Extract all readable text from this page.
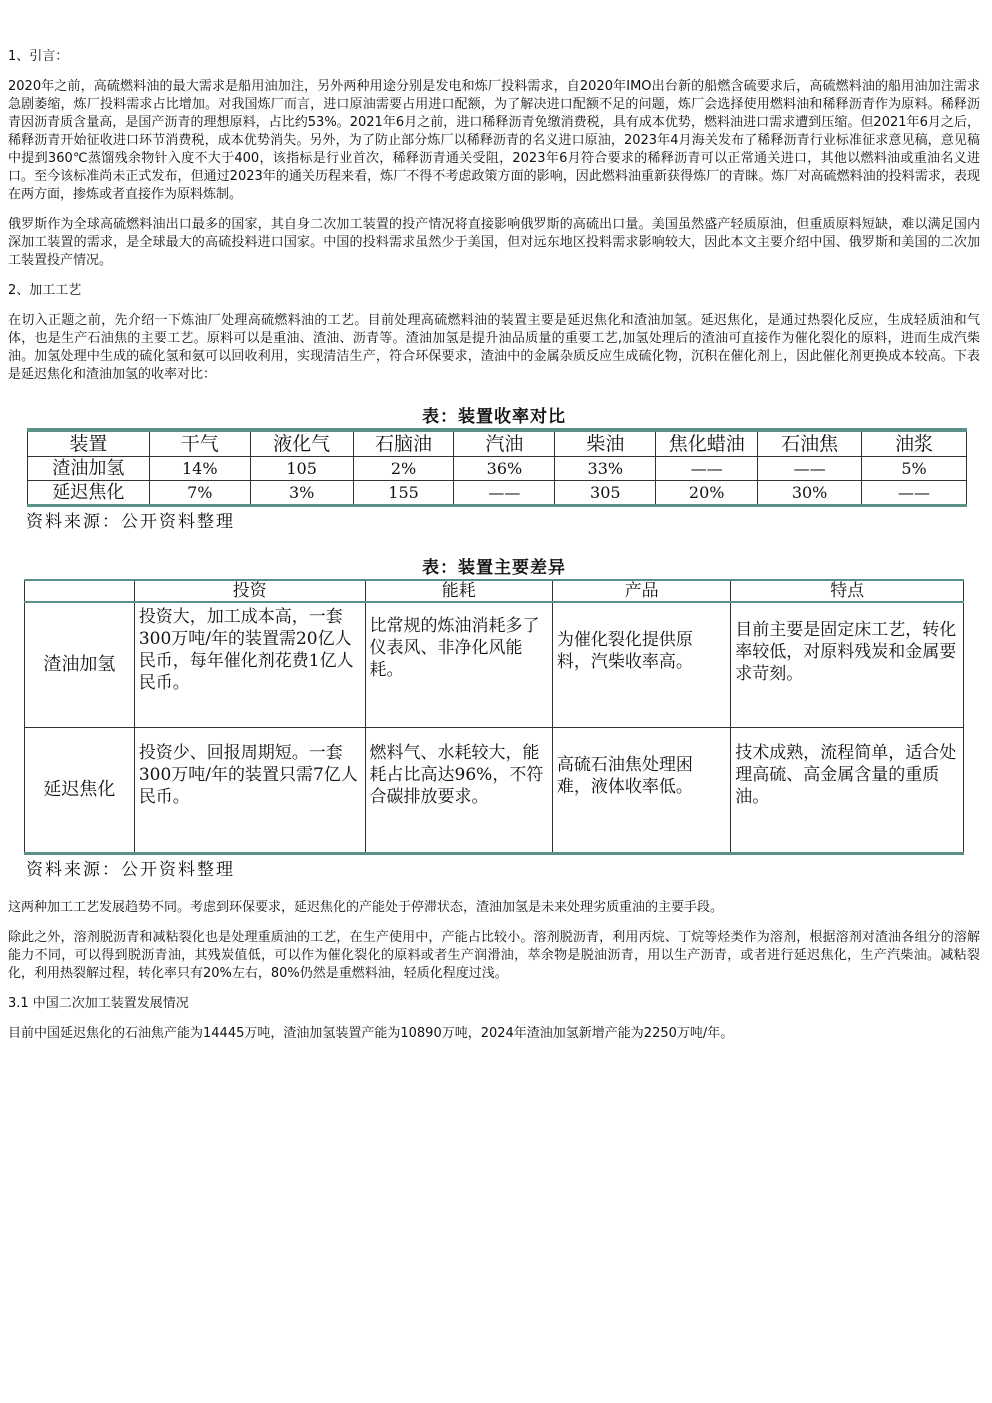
1、引言：

2020年之前，高硫燃料油的最大需求是船用油加注，另外两种用途分别是发电和炼厂投料需求，自2020年IMO出台新的船燃含硫要求后，高硫燃料油的船用油加注需求急剧萎缩，炼厂投料需求占比增加。对我国炼厂而言，进口原油需要占用进口配额，为了解决进口配额不足的问题，炼厂会选择使用燃料油和稀释沥青作为原料。稀释沥青因沥青质含量高，是国产沥青的理想原料，占比约53%。2021年6月之前，进口稀释沥青免缴消费税，具有成本优势，燃料油进口需求遭到压缩。但2021年6月之后，稀释沥青开始征收进口环节消费税，成本优势消失。另外，为了防止部分炼厂以稀释沥青的名义进口原油，2023年4月海关发布了稀释沥青行业标准征求意见稿，意见稿中提到360℃蒸馏残余物针入度不大于400，该指标是行业首次，稀释沥青通关受阻，2023年6月符合要求的稀释沥青可以正常通关进口，其他以燃料油或重油名义进口。至今该标准尚未正式发布，但通过2023年的通关历程来看，炼厂不得不考虑政策方面的影响，因此燃料油重新获得炼厂的青睐。炼厂对高硫燃料油的投料需求，表现在两方面，掺炼或者直接作为原料炼制。

俄罗斯作为全球高硫燃料油出口最多的国家，其自身二次加工装置的投产情况将直接影响俄罗斯的高硫出口量。美国虽然盛产轻质原油，但重质原料短缺，难以满足国内深加工装置的需求，是全球最大的高硫投料进口国家。中国的投料需求虽然少于美国，但对远东地区投料需求影响较大，因此本文主要介绍中国、俄罗斯和美国的二次加工装置投产情况。

2、加工工艺

在切入正题之前，先介绍一下炼油厂处理高硫燃料油的工艺。目前处理高硫燃料油的装置主要是延迟焦化和渣油加氢。延迟焦化，是通过热裂化反应，生成轻质油和气体，也是生产石油焦的主要工艺。原料可以是重油、渣油、沥青等。渣油加氢是提升油品质量的重要工艺,加氢处理后的渣油可直接作为催化裂化的原料，进而生成汽柴油。加氢处理中生成的硫化氢和氨可以回收利用，实现清洁生产，符合环保要求，渣油中的金属杂质反应生成硫化物，沉积在催化剂上，因此催化剂更换成本较高。下表是延迟焦化和渣油加氢的收率对比：

表：装置收率对比

装置	干气	液化气	石脑油	汽油	柴油	焦化蜡油	石油焦	油浆
渣油加氢	14%	105	2%	36%	33%	——	——	5%
延迟焦化	7%	3%	155	——	305	20%	30%	——

资料来源：公开资料整理

表：装置主要差异

	投资	能耗	产品	特点
渣油加氢	投资大，加工成本高，一套300万吨/年的装置需20亿人民币，每年催化剂花费1亿人民币。	比常规的炼油消耗多了仪表风、非净化风能耗。	为催化裂化提供原料，汽柴收率高。	目前主要是固定床工艺，转化率较低，对原料残炭和金属要求苛刻。
延迟焦化	投资少、回报周期短。一套300万吨/年的装置只需7亿人民币。	燃料气、水耗较大，能耗占比高达96%，不符合碳排放要求。	高硫石油焦处理困难，液体收率低。	技术成熟，流程简单，适合处理高硫、高金属含量的重质油。

资料来源：公开资料整理

这两种加工工艺发展趋势不同。考虑到环保要求，延迟焦化的产能处于停滞状态，渣油加氢是未来处理劣质重油的主要手段。

除此之外，溶剂脱沥青和减粘裂化也是处理重质油的工艺，在生产使用中，产能占比较小。溶剂脱沥青，利用丙烷、丁烷等烃类作为溶剂，根据溶剂对渣油各组分的溶解能力不同，可以得到脱沥青油，其残炭值低，可以作为催化裂化的原料或者生产润滑油，萃余物是脱油沥青，用以生产沥青，或者进行延迟焦化，生产汽柴油。减粘裂化，利用热裂解过程，转化率只有20%左右，80%仍然是重燃料油，轻质化程度过浅。

3.1 中国二次加工装置发展情况

目前中国延迟焦化的石油焦产能为14445万吨，渣油加氢装置产能为10890万吨，2024年渣油加氢新增产能为2250万吨/年。
